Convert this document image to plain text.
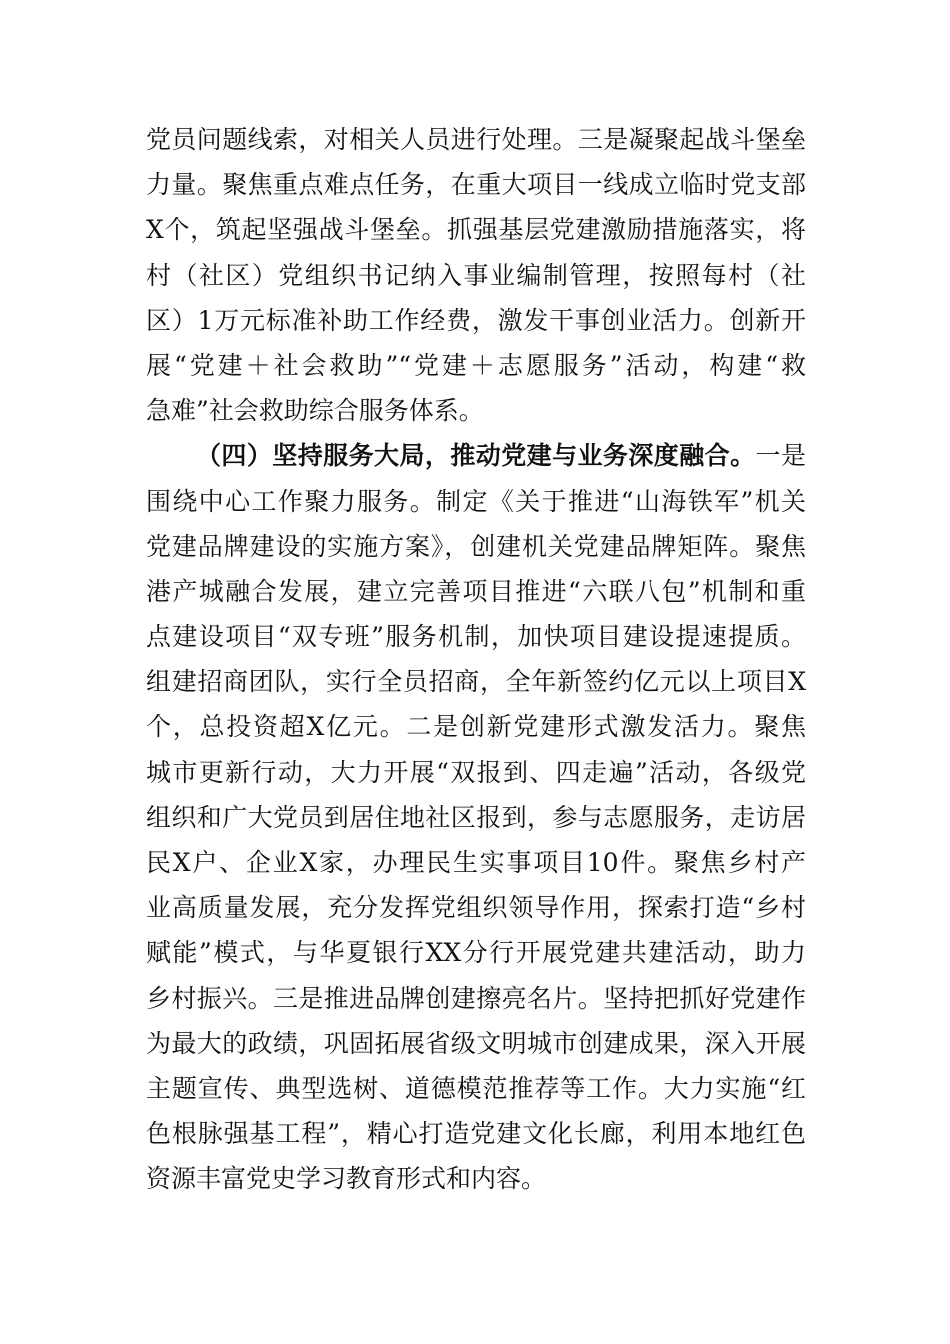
党员问题线索，对相关人员进行处理。三是凝聚起战斗堡垒
力量。聚焦重点难点任务，在重大项目一线成立临时党支部
X个，筑起坚强战斗堡垒。抓强基层党建激励措施落实，将
村（社区）党组织书记纳入事业编制管理，按照每村（社
区）1万元标准补助工作经费，激发干事创业活力。创新开
展“党建＋社会救助”“党建＋志愿服务”活动，构建“救
急难”社会救助综合服务体系。
（四）坚持服务大局，推动党建与业务深度融合。一是
围绕中心工作聚力服务。制定《关于推进“山海铁军”机关
党建品牌建设的实施方案》，创建机关党建品牌矩阵。聚焦
港产城融合发展，建立完善项目推进“六联八包”机制和重
点建设项目“双专班”服务机制，加快项目建设提速提质。
组建招商团队，实行全员招商，全年新签约亿元以上项目X
个，总投资超X亿元。二是创新党建形式激发活力。聚焦
城市更新行动，大力开展“双报到、四走遍”活动，各级党
组织和广大党员到居住地社区报到，参与志愿服务，走访居
民X户、企业X家，办理民生实事项目10件。聚焦乡村产
业高质量发展，充分发挥党组织领导作用，探索打造“乡村
赋能”模式，与华夏银行XX分行开展党建共建活动，助力
乡村振兴。三是推进品牌创建擦亮名片。坚持把抓好党建作
为最大的政绩，巩固拓展省级文明城市创建成果，深入开展
主题宣传、典型选树、道德模范推荐等工作。大力实施“红
色根脉强基工程”，精心打造党建文化长廊，利用本地红色
资源丰富党史学习教育形式和内容。
